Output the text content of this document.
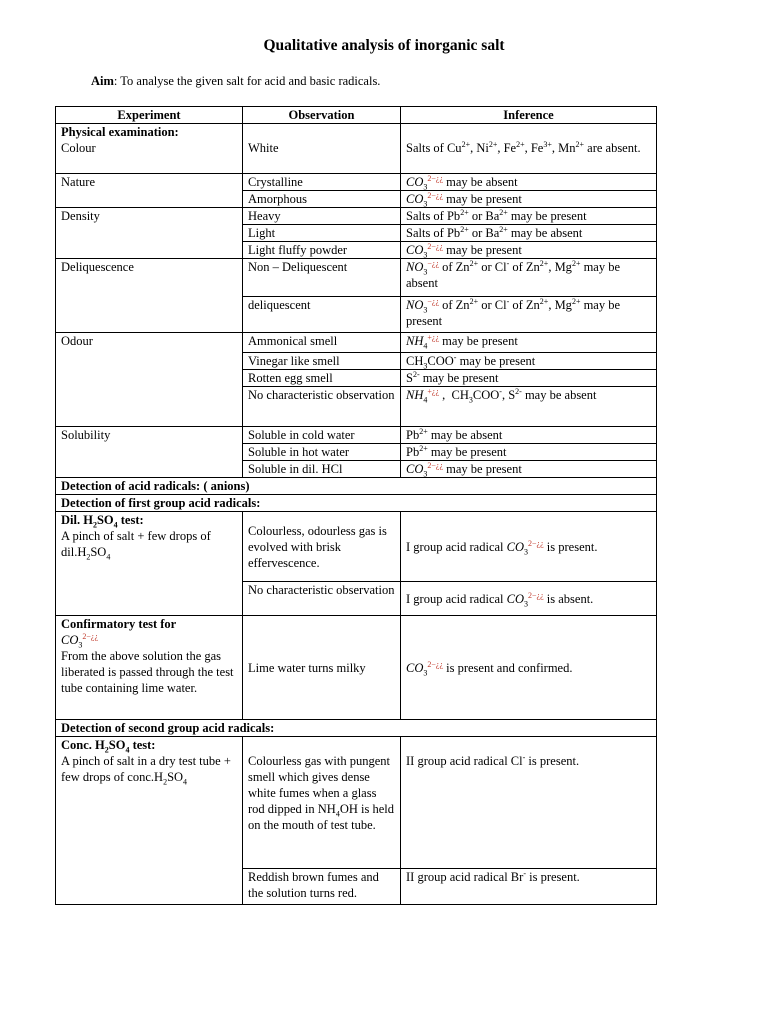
Qualitative analysis of inorganic salt
Aim: To analyse the given salt for acid and basic radicals.
Experiment	Observation	Inference

Physical examination:
Colour	White	Salts of $Cu^{2+}$, $Ni^{2+}$, $Fe^{2+}$, $Fe^{3+}$, $Mn^{2+}$ are absent.

Nature	Crystalline	$CO_3^{2-¿¿}$ may be absent
	Amorphous	$CO_3^{2-¿¿}$ may be present
Density	Heavy	Salts of $Pb^{2+}$ or $Ba^{2+}$ may be present
	Light	Salts of $Pb^{2+}$ or $Ba^{2+}$ may be absent
	Light fluffy powder	$CO_3^{2-¿¿}$ may be present
Deliquescence	Non – Deliquescent	$NO_3^{-¿¿}$ of $Zn^{2+}$ or Cl- of $Zn^{2+}$, $Mg^{2+}$ may be absent
	deliquescent	$NO_3^{-¿¿}$ of $Zn^{2+}$ or Cl- of $Zn^{2+}$, $Mg^{2+}$ may be present
Odour	Ammonical smell	$NH_4^{+¿¿}$ may be present
	Vinegar like smell	$CH_3COO^-$ may be present
	Rotten egg smell	$S^{2-}$ may be present
	No characteristic observation	$NH_4^{+¿¿}$ ,  $CH_3COO^-$, $S^{2-}$ may be absent
Solubility	Soluble in cold water	$Pb^{2+}$ may be absent
	Soluble in hot water	$Pb^{2+}$ may be present
	Soluble in dil. HCl	$CO_3^{2-¿¿}$ may be present
Detection of acid radicals: ( anions)		
Detection of first group acid radicals:		

Dil. $H_2SO_4$ test:
A pinch of salt + few drops of $dil.H_2SO_4$	Colourless, odourless gas is evolved with brisk effervescence.	I group acid radical $CO_3^{2-¿¿}$ is present.
	No characteristic observation	I group acid radical $CO_3^{2-¿¿}$ is absent.

Confirmatory test for
$CO_3^{2-¿¿}$
From the above solution the gas liberated is passed through the test tube containing lime water.	Lime water turns milky	$CO_3^{2-¿¿}$ is present and confirmed.
Detection of second group acid radicals:		

Conc. $H_2SO_4$ test:
A pinch of salt in a dry test tube + few drops of $conc.H_2SO_4$	Colourless gas with pungent smell which gives dense white fumes when a glass rod dipped in $NH_4OH$ is held on the mouth of test tube.	II group acid radical Cl- is present.

	Reddish brown fumes and the solution turns red.	II group acid radical Br- is present.
